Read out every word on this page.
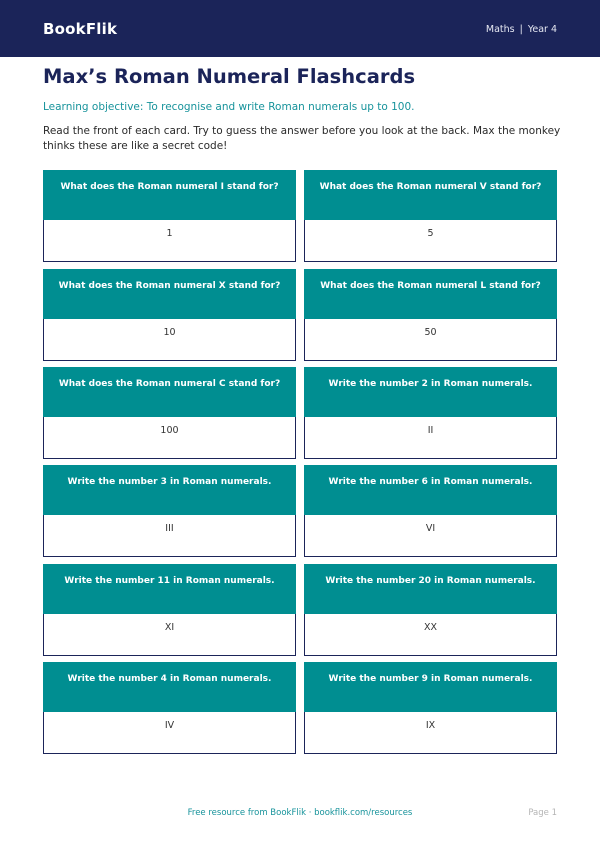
BookFlik	Maths | Year 4
Max’s Roman Numeral Flashcards
Learning objective: To recognise and write Roman numerals up to 100.
Read the front of each card. Try to guess the answer before you look at the back. Max the monkey thinks these are like a secret code!
What does the Roman numeral I stand for?
1
What does the Roman numeral V stand for?
5
What does the Roman numeral X stand for?
10
What does the Roman numeral L stand for?
50
What does the Roman numeral C stand for?
100
Write the number 2 in Roman numerals.
II
Write the number 3 in Roman numerals.
III
Write the number 6 in Roman numerals.
VI
Write the number 11 in Roman numerals.
XI
Write the number 20 in Roman numerals.
XX
Write the number 4 in Roman numerals.
IV
Write the number 9 in Roman numerals.
IX
Free resource from BookFlik · bookflik.com/resources	Page 1
